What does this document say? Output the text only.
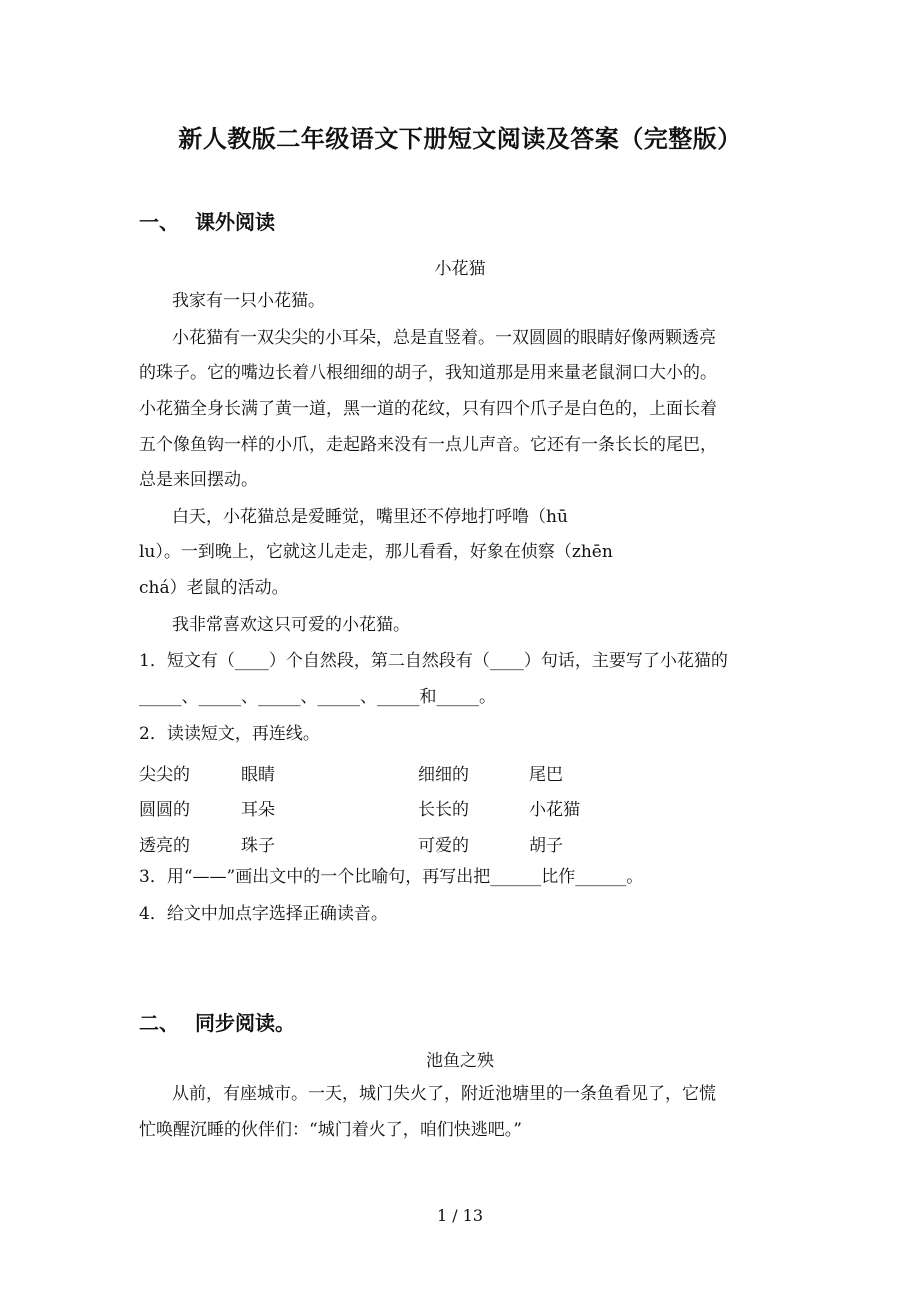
新人教版二年级语文下册短文阅读及答案（完整版）
一、 课外阅读
小花猫
我家有一只小花猫。
小花猫有一双尖尖的小耳朵，总是直竖着。一双圆圆的眼睛好像两颗透亮
的珠子。它的嘴边长着八根细细的胡子，我知道那是用来量老鼠洞口大小的。
小花猫全身长满了黄一道，黑一道的花纹，只有四个爪子是白色的，上面长着
五个像鱼钩一样的小爪，走起路来没有一点儿声音。它还有一条长长的尾巴，
总是来回摆动。
白天，小花猫总是爱睡觉，嘴里还不停地打呼噜（hū
lu）。一到晚上，它就这儿走走，那儿看看，好象在侦察（zhēn
chá）老鼠的活动。
我非常喜欢这只可爱的小花猫。
1．短文有（____）个自然段，第二自然段有（____）句话，主要写了小花猫的
_____、_____、_____、_____、_____和_____。
2．读读短文，再连线。
尖尖的	眼睛	细细的	尾巴
圆圆的	耳朵	长长的	小花猫
透亮的	珠子	可爱的	胡子
3．用“——”画出文中的一个比喻句，再写出把______比作______。
4．给文中加点字选择正确读音。
二、 同步阅读。
池鱼之殃
从前，有座城市。一天，城门失火了，附近池塘里的一条鱼看见了，它慌
忙唤醒沉睡的伙伴们：“城门着火了，咱们快逃吧。”
1 / 13
